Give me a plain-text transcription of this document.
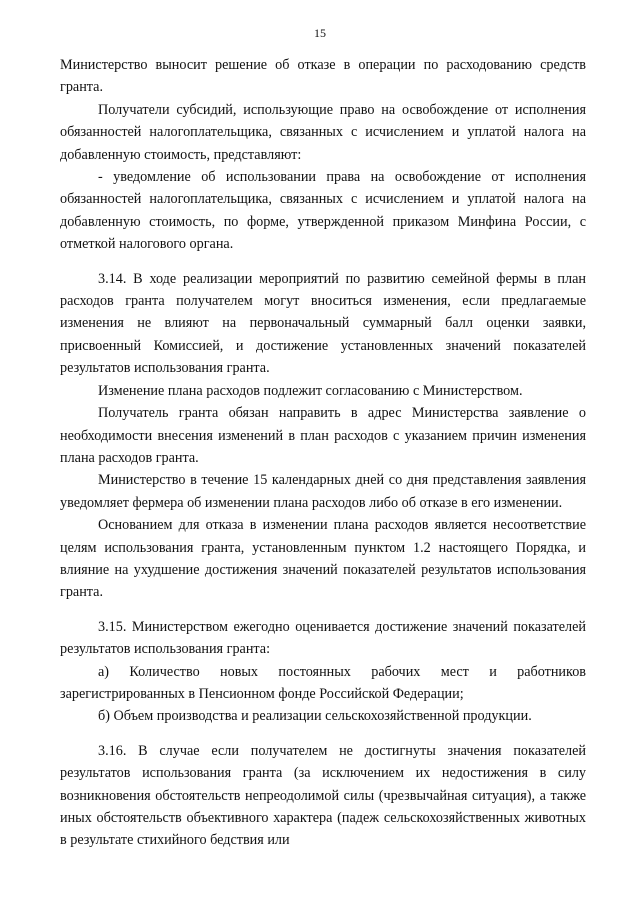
15

Министерство выносит решение об отказе в операции по расходованию средств гранта.

Получатели субсидий, использующие право на освобождение от исполнения обязанностей налогоплательщика, связанных с исчислением и уплатой налога на добавленную стоимость, представляют:

- уведомление об использовании права на освобождение от исполнения обязанностей налогоплательщика, связанных с исчислением и уплатой налога на добавленную стоимость, по форме, утвержденной приказом Минфина России, с отметкой налогового органа.

3.14. В ходе реализации мероприятий по развитию семейной фермы в план расходов гранта получателем могут вноситься изменения, если предлагаемые изменения не влияют на первоначальный суммарный балл оценки заявки, присвоенный Комиссией, и достижение установленных значений показателей результатов использования гранта.

Изменение плана расходов подлежит согласованию с Министерством.

Получатель гранта обязан направить в адрес Министерства заявление о необходимости внесения изменений в план расходов с указанием причин изменения плана расходов гранта.

Министерство в течение 15 календарных дней со дня представления заявления уведомляет фермера об изменении плана расходов либо об отказе в его изменении.

Основанием для отказа в изменении плана расходов является несоответствие целям использования гранта, установленным пунктом 1.2 настоящего Порядка, и влияние на ухудшение достижения значений показателей результатов использования гранта.

3.15. Министерством ежегодно оценивается достижение значений показателей результатов использования гранта:

а) Количество новых постоянных рабочих мест и работников зарегистрированных в Пенсионном фонде Российской Федерации;

б) Объем производства и реализации сельскохозяйственной продукции.

3.16. В случае если получателем не достигнуты значения показателей результатов использования гранта (за исключением их недостижения в силу возникновения обстоятельств непреодолимой силы (чрезвычайная ситуация), а также иных обстоятельств объективного характера (падеж сельскохозяйственных животных в результате стихийного бедствия или
